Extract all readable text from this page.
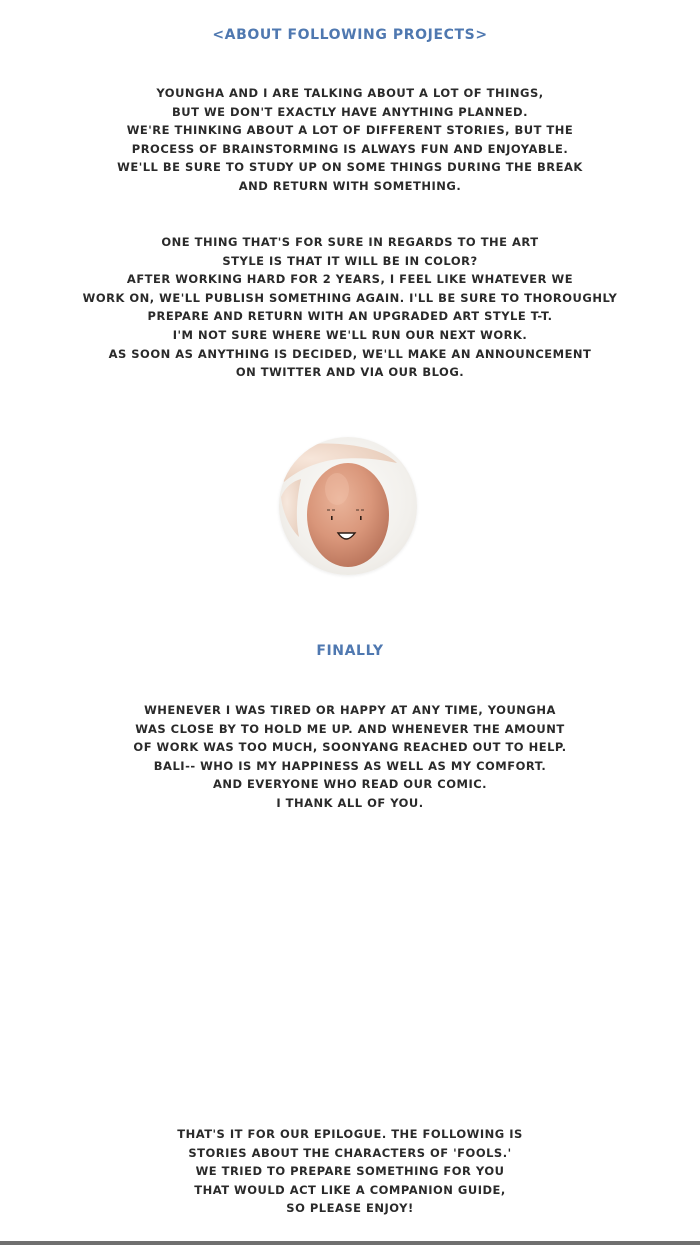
<ABOUT FOLLOWING PROJECTS>
YOUNGHA AND I ARE TALKING ABOUT A LOT OF THINGS,
BUT WE DON'T EXACTLY HAVE ANYTHING PLANNED.
WE'RE THINKING ABOUT A LOT OF DIFFERENT STORIES, BUT THE
PROCESS OF BRAINSTORMING IS ALWAYS FUN AND ENJOYABLE.
WE'LL BE SURE TO STUDY UP ON SOME THINGS DURING THE BREAK
AND RETURN WITH SOMETHING.
ONE THING THAT'S FOR SURE IN REGARDS TO THE ART
STYLE IS THAT IT WILL BE IN COLOR?
AFTER WORKING HARD FOR 2 YEARS, I FEEL LIKE WHATEVER WE
WORK ON, WE'LL PUBLISH SOMETHING AGAIN. I'LL BE SURE TO THOROUGHLY
PREPARE AND RETURN WITH AN UPGRADED ART STYLE T-T.
I'M NOT SURE WHERE WE'LL RUN OUR NEXT WORK.
AS SOON AS ANYTHING IS DECIDED, WE'LL MAKE AN ANNOUNCEMENT
ON TWITTER AND VIA OUR BLOG.
FINALLY
WHENEVER I WAS TIRED OR HAPPY AT ANY TIME, YOUNGHA
WAS CLOSE BY TO HOLD ME UP. AND WHENEVER THE AMOUNT
OF WORK WAS TOO MUCH, SOONYANG REACHED OUT TO HELP.
BALI-- WHO IS MY HAPPINESS AS WELL AS MY COMFORT.
AND EVERYONE WHO READ OUR COMIC.
I THANK ALL OF YOU.
THAT'S IT FOR OUR EPILOGUE. THE FOLLOWING IS
STORIES ABOUT THE CHARACTERS OF 'FOOLS.'
WE TRIED TO PREPARE SOMETHING FOR YOU
THAT WOULD ACT LIKE A COMPANION GUIDE,
SO PLEASE ENJOY!
